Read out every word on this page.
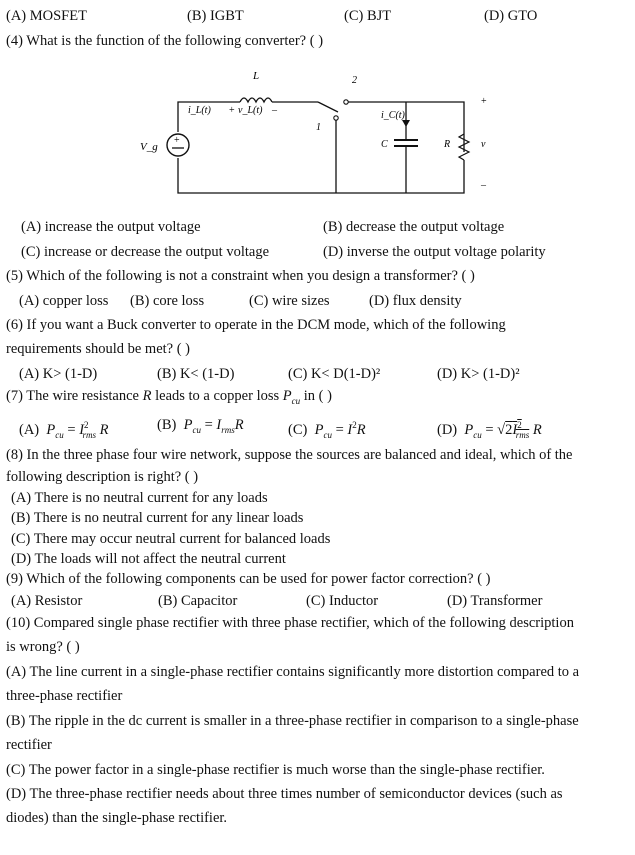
(A) MOSFET	(B) IGBT	(C) BJT	(D) GTO
(4) What is the function of the following converter? ( )
+
L
i_L(t) + v_L(t) –
2
1
i_C(t)
C	R
+
v
–
V_g
(A) increase the output voltage	(B) decrease the output voltage
(C) increase or decrease the output voltage	(D) inverse the output voltage polarity
(5) Which of the following is not a constraint when you design a transformer? ( )
(A) copper loss (B) core loss	(C) wire sizes	(D) flux density
(6) If you want a Buck converter to operate in the DCM mode, which of the following
requirements should be met? ( )
(A) K> (1-D)	(B) K< (1-D)	(C) K< D(1-D)²	(D) K> (1-D)²
(7) The wire resistance R leads to a copper loss $P_{cu}$ in ( )
(A) $P_{cu} = I^2_{rms}$ R	(B) $P_{cu} = I_{rms}R$	(C) $P_{cu} = I^2R$	(D) $P_{cu} = √2I^2_{rms}$ R
(8) In the three phase four wire network, suppose the sources are balanced and ideal, which of the
following description is right? ( )
(A) There is no neutral current for any loads
(B) There is no neutral current for any linear loads
(C) There may occur neutral current for balanced loads
(D) The loads will not affect the neutral current
(9) Which of the following components can be used for power factor correction? ( )
(A) Resistor	(B) Capacitor	(C) Inductor	(D) Transformer
(10) Compared single phase rectifier with three phase rectifier, which of the following description
is wrong? ( )
(A) The line current in a single-phase rectifier contains significantly more distortion compared to a
three-phase rectifier
(B) The ripple in the dc current is smaller in a three-phase rectifier in comparison to a single-phase
rectifier
(C) The power factor in a single-phase rectifier is much worse than the single-phase rectifier.
(D) The three-phase rectifier needs about three times number of semiconductor devices (such as
diodes) than the single-phase rectifier.
